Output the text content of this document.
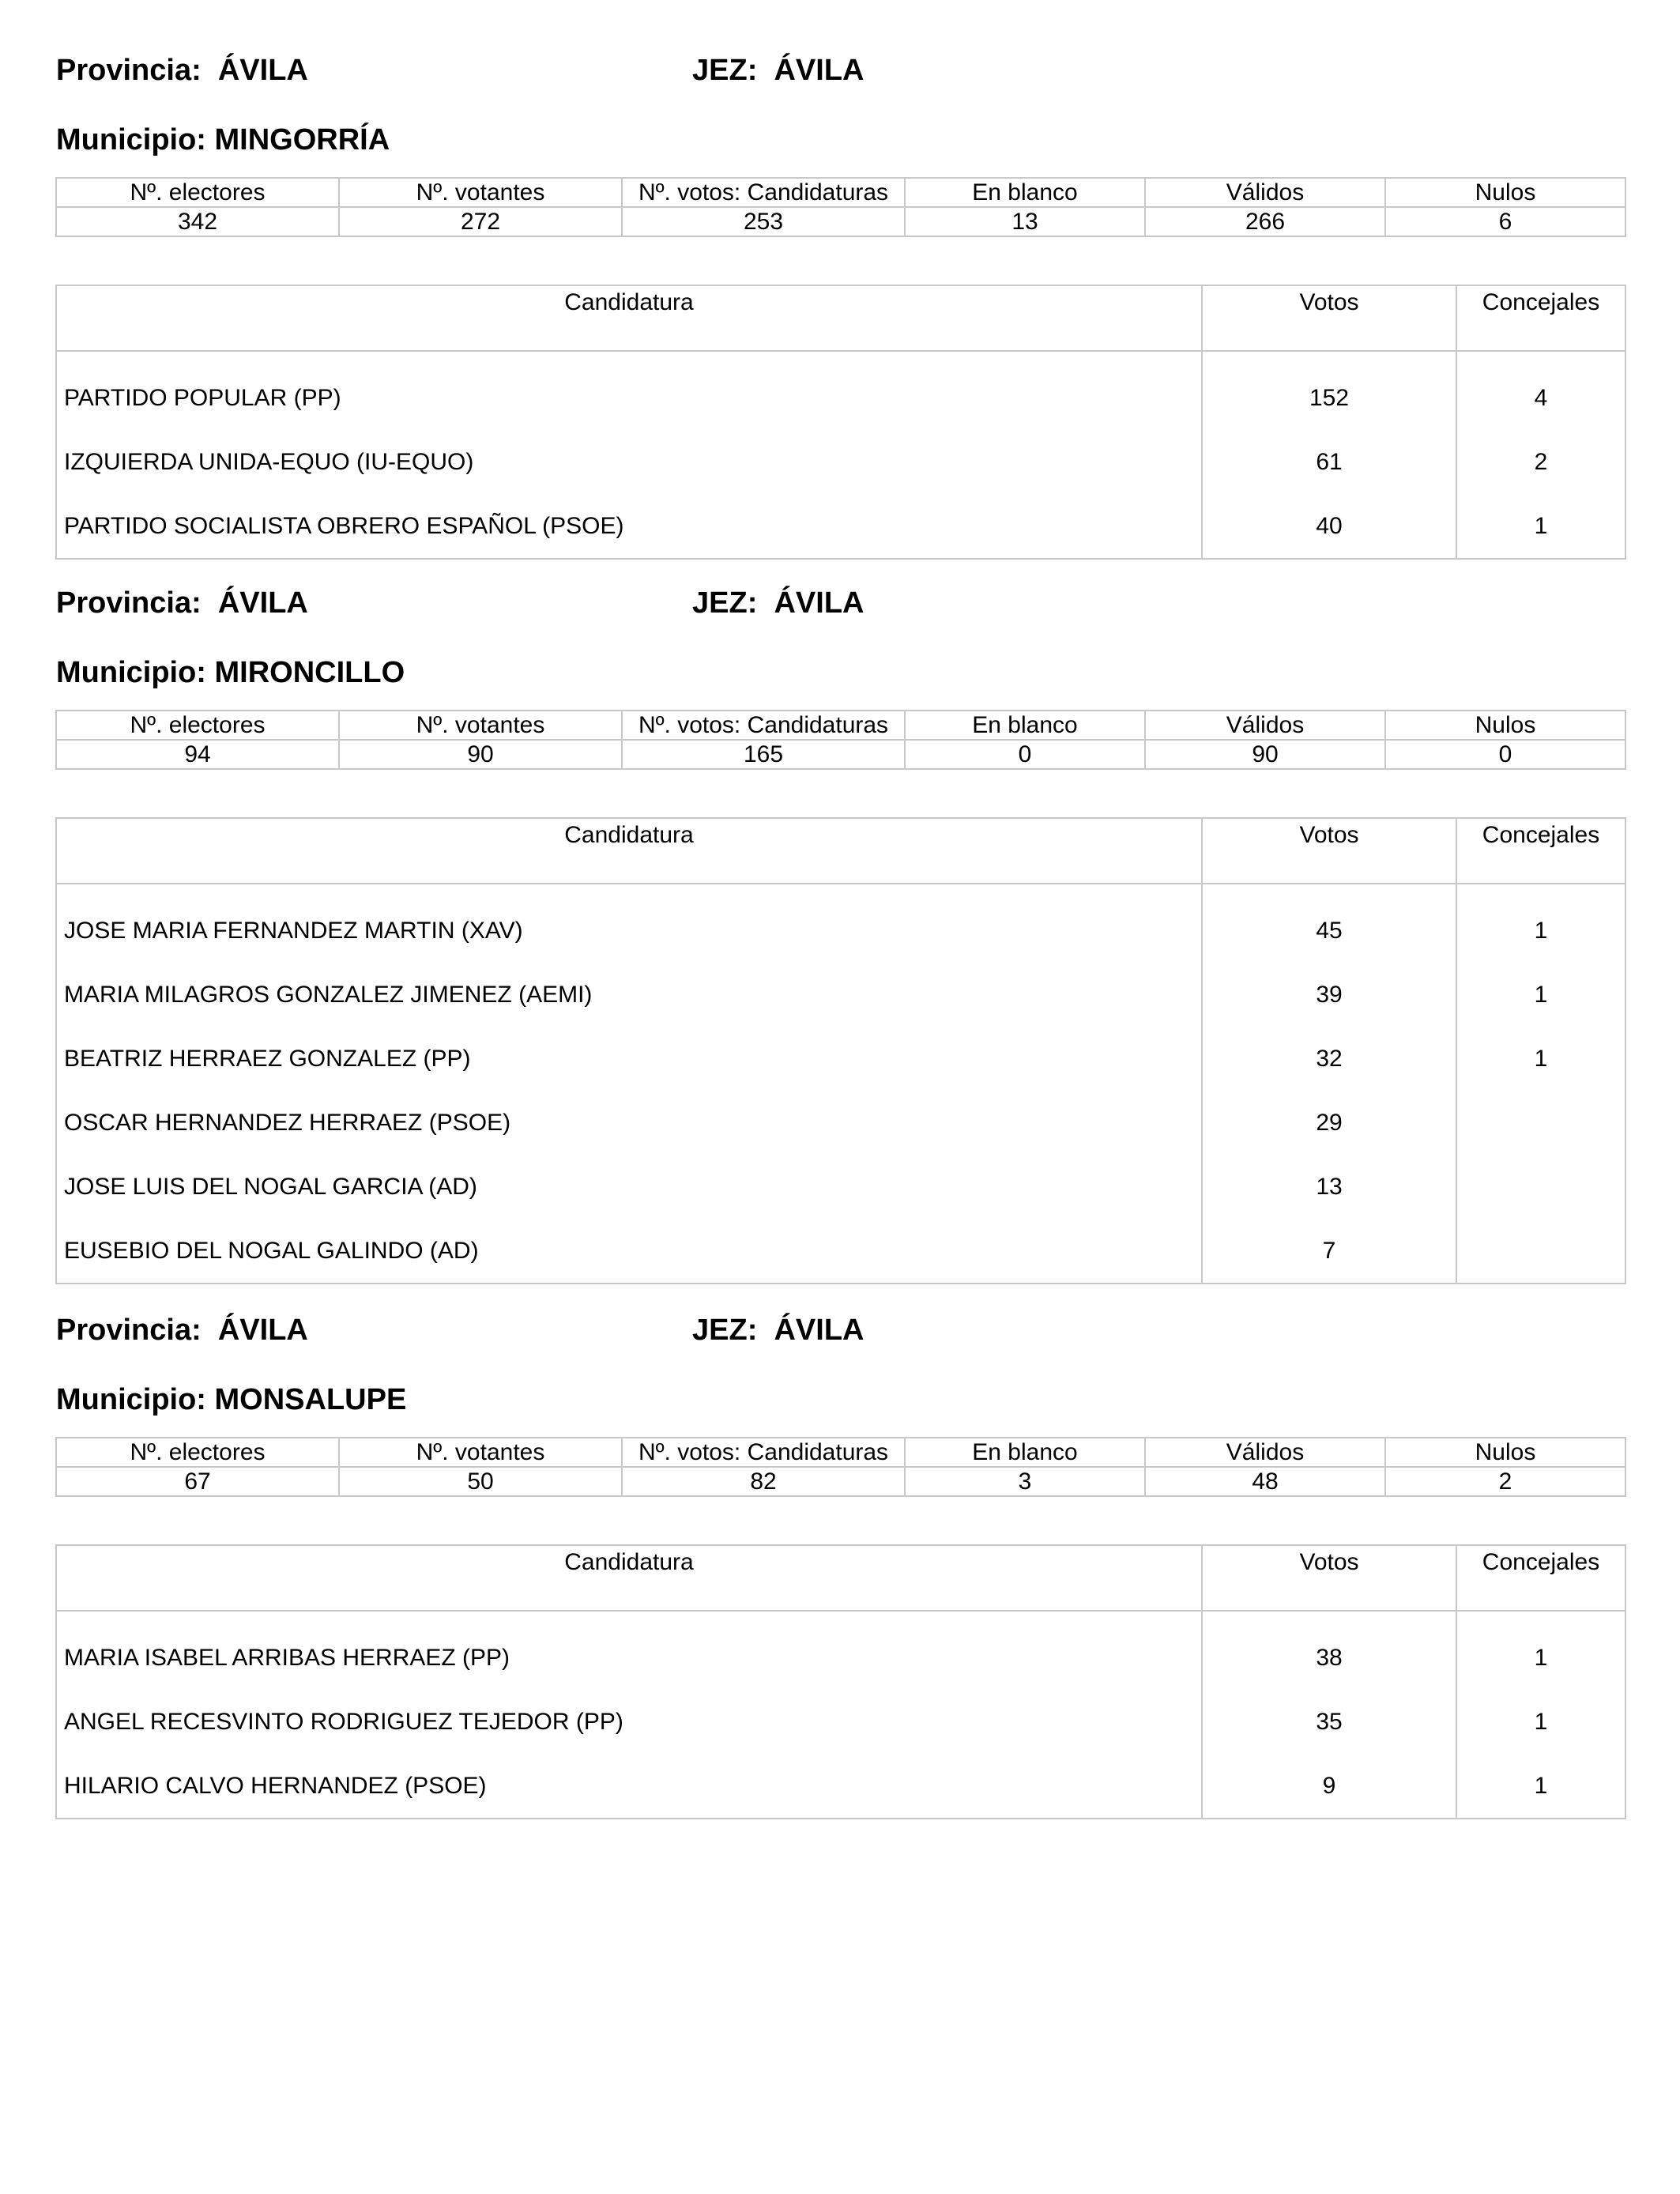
Provincia: ÁVILA	JEZ: ÁVILA
Municipio: MINGORRÍA
Nº. electores	Nº. votantes	Nº. votos: Candidaturas	En blanco	Válidos	Nulos
342	272	253	13	266	6
Candidatura	Votos	Concejales

PARTIDO POPULAR (PP)	152	4
IZQUIERDA UNIDA-EQUO (IU-EQUO)	61	2
PARTIDO SOCIALISTA OBRERO ESPAÑOL (PSOE)	40	1
Provincia: ÁVILA	JEZ: ÁVILA
Municipio: MIRONCILLO
Nº. electores	Nº. votantes	Nº. votos: Candidaturas	En blanco	Válidos	Nulos
94	90	165	0	90	0
Candidatura	Votos	Concejales

JOSE MARIA FERNANDEZ MARTIN (XAV)	45	1
MARIA MILAGROS GONZALEZ JIMENEZ (AEMI)	39	1
BEATRIZ HERRAEZ GONZALEZ (PP)	32	1
OSCAR HERNANDEZ HERRAEZ (PSOE)	29	
JOSE LUIS DEL NOGAL GARCIA (AD)	13	
EUSEBIO DEL NOGAL GALINDO (AD)	7	
Provincia: ÁVILA	JEZ: ÁVILA
Municipio: MONSALUPE
Nº. electores	Nº. votantes	Nº. votos: Candidaturas	En blanco	Válidos	Nulos
67	50	82	3	48	2
Candidatura	Votos	Concejales

MARIA ISABEL ARRIBAS HERRAEZ (PP)	38	1
ANGEL RECESVINTO RODRIGUEZ TEJEDOR (PP)	35	1
HILARIO CALVO HERNANDEZ (PSOE)	9	1
